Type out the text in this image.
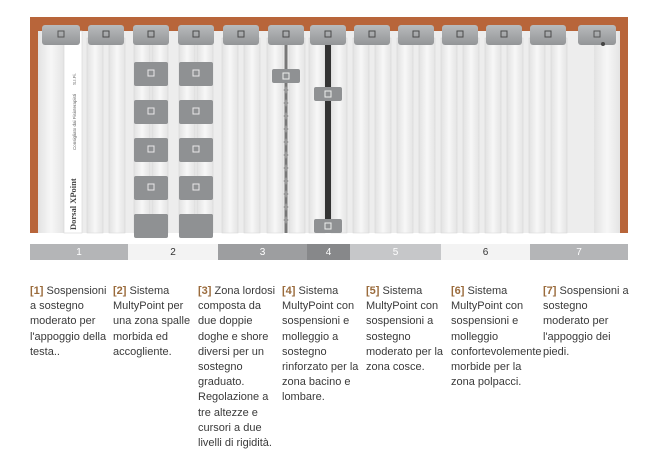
Dorsal XPoint
Consigliato dai Fisioterapisti
S.I.Fi.
1	2	3	4	5	6	7
[1] Sospensioni a sostegno moderato per l'appoggio della testa..
[2] Sistema MultyPoint per una zona spalle morbida ed accogliente.
[3] Zona lordosi composta da due doppie doghe e shore diversi per un sostegno graduato. Regolazione a tre altezze e cursori a due livelli di rigidità.
[4] Sistema MultyPoint con sospensioni e molleggio a sostegno rinforzato per la zona bacino e lombare.
[5] Sistema MultyPoint con sospensioni a sostegno moderato per la zona cosce.
[6] Sistema MultyPoint con sospensioni e molleggio confortevolemente morbide per la zona polpacci.
[7] Sospensioni a sostegno moderato per l'appoggio dei piedi.
